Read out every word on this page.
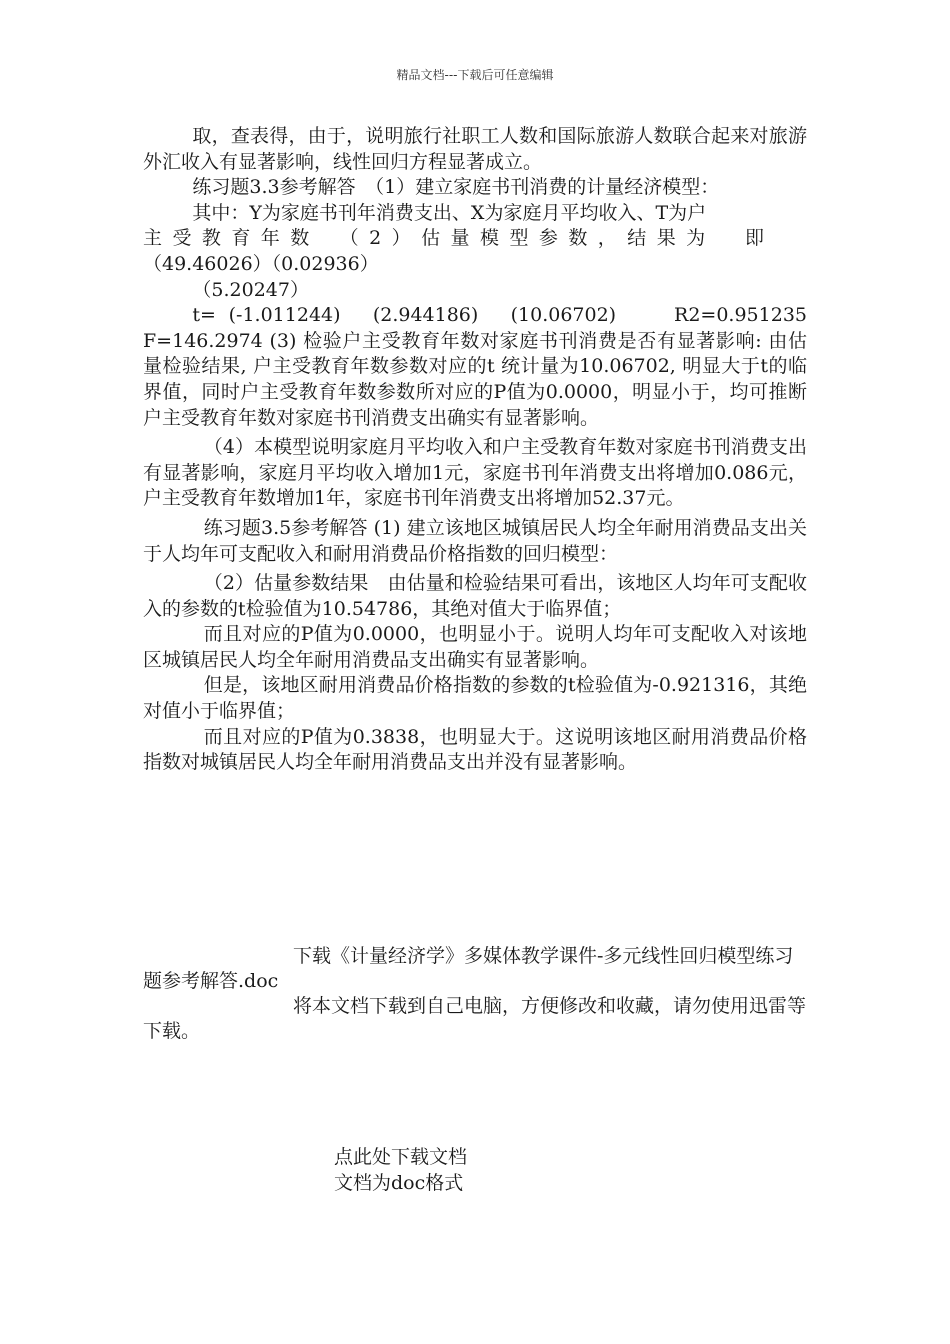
精品文档---下载后可任意编辑

取，查表得，由于，说明旅行社职工人数和国际旅游人数联合起来对旅游外汇收入有显著影响，线性回归方程显著成立。

练习题3.3参考解答　（1）建立家庭书刊消费的计量经济模型：

其中：Y为家庭书刊年消费支出、X为家庭月平均收入、T为户

主受教育年数　（2）估量模型参数，结果为　即

（49.46026）（0.02936）

（5.20247）

t= (-1.011244)　(2.944186)　(10.06702)　　R2=0.951235 F=146.2974 (3) 检验户主受教育年数对家庭书刊消费是否有显著影响: 由估量检验结果, 户主受教育年数参数对应的t 统计量为10.06702, 明显大于t的临界值，同时户主受教育年数参数所对应的P值为0.0000，明显小于，均可推断户主受教育年数对家庭书刊消费支出确实有显著影响。

（4）本模型说明家庭月平均收入和户主受教育年数对家庭书刊消费支出有显著影响，家庭月平均收入增加1元，家庭书刊年消费支出将增加0.086元，户主受教育年数增加1年，家庭书刊年消费支出将增加52.37元。

练习题3.5参考解答 (1) 建立该地区城镇居民人均全年耐用消费品支出关于人均年可支配收入和耐用消费品价格指数的回归模型：

（2）估量参数结果　由估量和检验结果可看出，该地区人均年可支配收入的参数的t检验值为10.54786，其绝对值大于临界值；

而且对应的P值为0.0000，也明显小于。说明人均年可支配收入对该地区城镇居民人均全年耐用消费品支出确实有显著影响。

但是，该地区耐用消费品价格指数的参数的t检验值为-0.921316，其绝对值小于临界值；

而且对应的P值为0.3838，也明显大于。这说明该地区耐用消费品价格指数对城镇居民人均全年耐用消费品支出并没有显著影响。

下载《计量经济学》多媒体教学课件-多元线性回归模型练习题参考解答.doc

将本文档下载到自己电脑，方便修改和收藏，请勿使用迅雷等下载。

点此处下载文档

文档为doc格式
